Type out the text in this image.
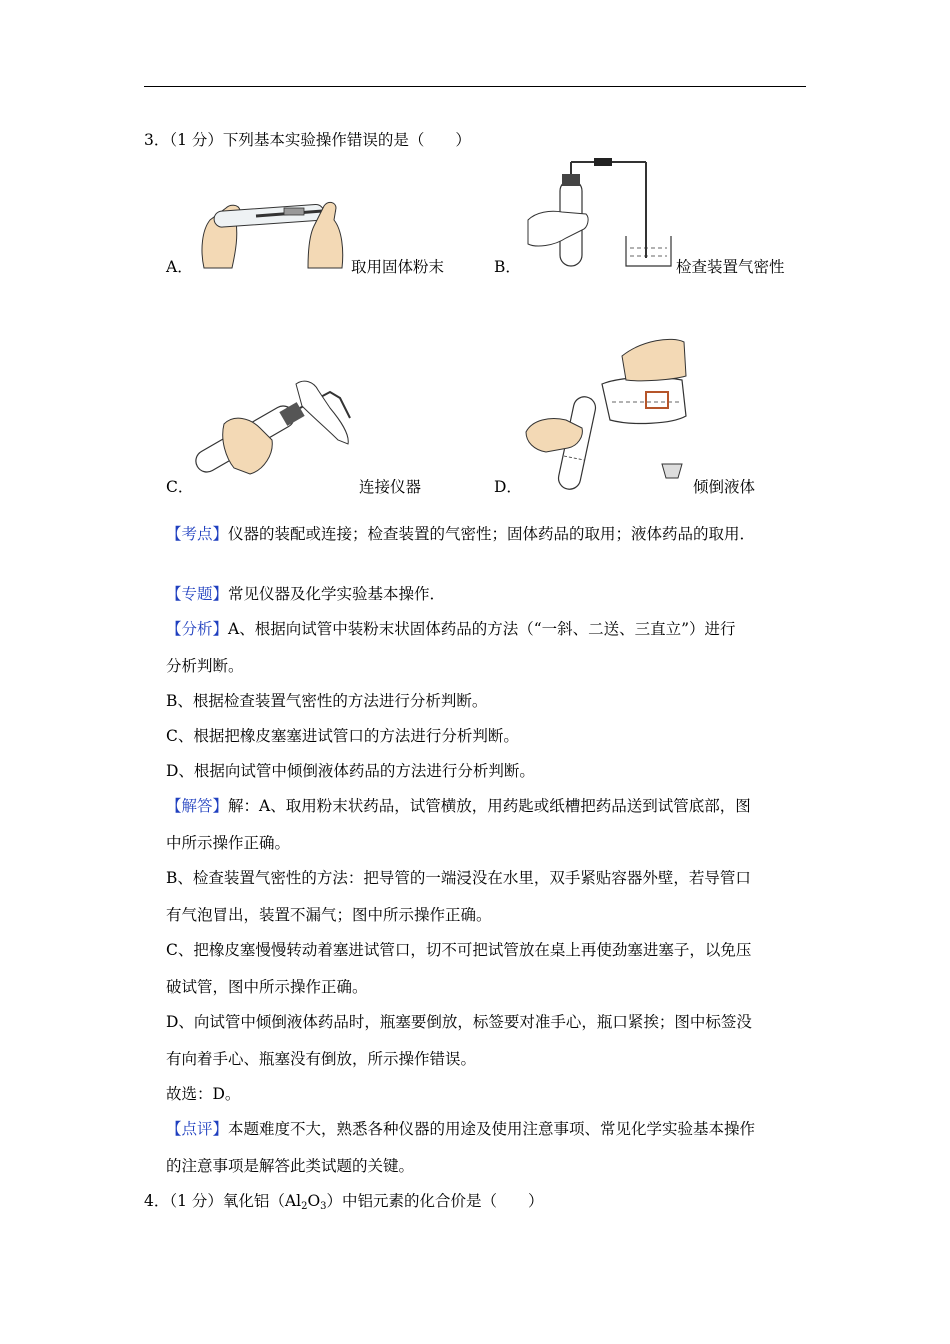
3．（1 分）下列基本实验操作错误的是（　　）
A．	取用固体粉末	B．	检查装置气密性
C．	连接仪器	D．	倾倒液体
【考点】仪器的装配或连接；检查装置的气密性；固体药品的取用；液体药品的取用．
【专题】常见仪器及化学实验基本操作．
【分析】A、根据向试管中装粉末状固体药品的方法（“一斜、二送、三直立”）进行
分析判断。
B、根据检查装置气密性的方法进行分析判断。
C、根据把橡皮塞塞进试管口的方法进行分析判断。
D、根据向试管中倾倒液体药品的方法进行分析判断。
【解答】解：A、取用粉末状药品，试管横放，用药匙或纸槽把药品送到试管底部，图
中所示操作正确。
B、检查装置气密性的方法：把导管的一端浸没在水里，双手紧贴容器外壁，若导管口
有气泡冒出，装置不漏气；图中所示操作正确。
C、把橡皮塞慢慢转动着塞进试管口，切不可把试管放在桌上再使劲塞进塞子，以免压
破试管，图中所示操作正确。
D、向试管中倾倒液体药品时，瓶塞要倒放，标签要对准手心，瓶口紧挨；图中标签没
有向着手心、瓶塞没有倒放，所示操作错误。
故选：D。
【点评】本题难度不大，熟悉各种仪器的用途及使用注意事项、常见化学实验基本操作
的注意事项是解答此类试题的关键。
4．（1 分）氧化铝$(Al_2O_3)$中铝元素的化合价是（　　）
